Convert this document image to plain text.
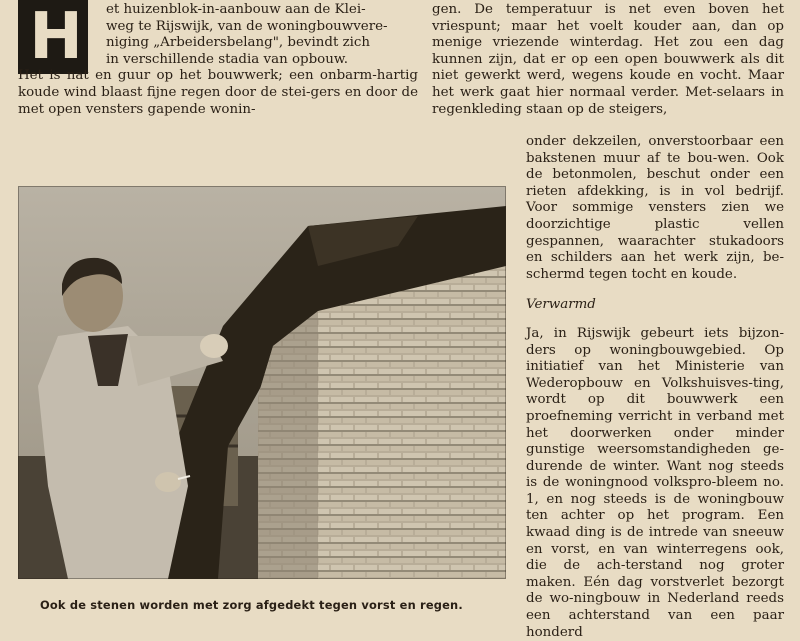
H	et huizenblok-in-aanbouw aan de Klei-

weg te Rijswijk, van de woningbouwvere-

niging „Arbeidersbelang", bevindt zich

in verschillende stadia van opbouw.

Het is nat en guur op het bouwwerk; een onbarm-hartig koude wind blaast fijne regen door de stei-gers en door de met open vensters gapende wonin-

gen. De temperatuur is net even boven het vriespunt; maar het voelt kouder aan, dan op menige vriezende winterdag. Het zou een dag kunnen zijn, dat er op een open bouwwerk als dit niet gewerkt werd, wegens koude en vocht. Maar het werk gaat hier normaal verder. Met-selaars in regenkleding staan op de steigers,

onder dekzeilen, onverstoorbaar een bakstenen muur af te bou-wen. Ook de betonmolen, beschut onder een rieten afdekking, is in vol bedrijf. Voor sommige vensters zien we doorzichtige plastic vellen gespannen, waarachter stukadoors en schilders aan het werk zijn, be-schermd tegen tocht en koude.

Verwarmd

Ja, in Rijswijk gebeurt iets bijzon-ders op woningbouwgebied. Op initiatief van het Ministerie van Wederopbouw en Volkshuisves-ting, wordt op dit bouwwerk een proefneming verricht in verband met het doorwerken onder minder gunstige weersomstandigheden ge-durende de winter. Want nog steeds is de woningnood volkspro-bleem no. 1, en nog steeds is de woningbouw ten achter op het program. Een kwaad ding is de intrede van sneeuw en vorst, en van winterregens ook, die de ach-terstand nog groter maken. Eén dag vorstverlet bezorgt de wo-ningbouw in Nederland reeds een achterstand van een paar honderd

Ook de stenen worden met zorg afgedekt tegen vorst en regen.
